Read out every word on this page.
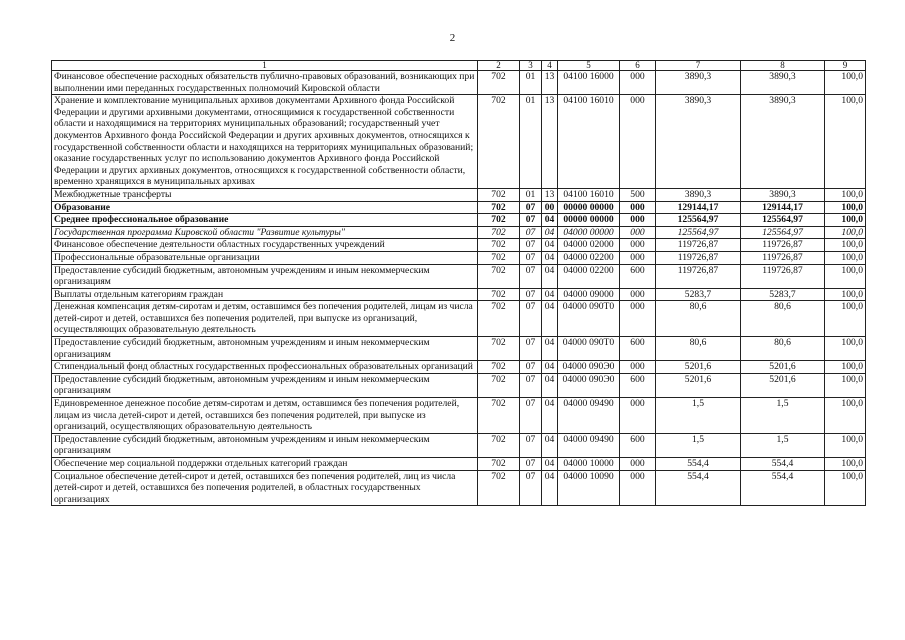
2
1	2	3	4	5	6	7	8	9
Финансовое обеспечение расходных обязательств публично-правовых образований, возникающих при выполнении ими переданных государственных полномочий Кировской области	702	01	13	04100 16000	000	3890,3	3890,3	100,0
Хранение и комплектование муниципальных архивов документами Архивного фонда Российской Федерации и другими архивными документами, относящимися к государственной собственности области и находящимися на территориях муниципальных образований; государственный учет документов Архивного фонда Российской Федерации и других архивных документов, относящихся к государственной собственности области и находящихся на территориях муниципальных образований; оказание государственных услуг по использованию документов Архивного фонда Российской Федерации и других архивных документов, относящихся к государственной собственности области, временно хранящихся в муниципальных архивах	702	01	13	04100 16010	000	3890,3	3890,3	100,0
Межбюджетные трансферты	702	01	13	04100 16010	500	3890,3	3890,3	100,0
Образование	702	07	00	00000 00000	000	129144,17	129144,17	100,0
Среднее профессиональное образование	702	07	04	00000 00000	000	125564,97	125564,97	100,0
Государственная программа Кировской области "Развитие культуры"	702	07	04	04000 00000	000	125564,97	125564,97	100,0
Финансовое обеспечение деятельности областных государственных учреждений	702	07	04	04000 02000	000	119726,87	119726,87	100,0
Профессиональные образовательные организации	702	07	04	04000 02200	000	119726,87	119726,87	100,0
Предоставление субсидий бюджетным, автономным учреждениям и иным некоммерческим организациям	702	07	04	04000 02200	600	119726,87	119726,87	100,0
Выплаты отдельным категориям граждан	702	07	04	04000 09000	000	5283,7	5283,7	100,0
Денежная компенсация детям-сиротам и детям, оставшимся без попечения родителей, лицам из числа детей-сирот и детей, оставшихся без попечения родителей, при выпуске из организаций, осуществляющих образовательную деятельность	702	07	04	04000 090Т0	000	80,6	80,6	100,0
Предоставление субсидий бюджетным, автономным учреждениям и иным некоммерческим организациям	702	07	04	04000 090Т0	600	80,6	80,6	100,0
Стипендиальный фонд областных государственных профессиональных образовательных организаций	702	07	04	04000 090Э0	000	5201,6	5201,6	100,0
Предоставление субсидий бюджетным, автономным учреждениям и иным некоммерческим организациям	702	07	04	04000 090Э0	600	5201,6	5201,6	100,0
Единовременное денежное пособие детям-сиротам и детям, оставшимся без попечения родителей, лицам из числа детей-сирот и детей, оставшихся без попечения родителей, при выпуске из организаций, осуществляющих образовательную деятельность	702	07	04	04000 09490	000	1,5	1,5	100,0
Предоставление субсидий бюджетным, автономным учреждениям и иным некоммерческим организациям	702	07	04	04000 09490	600	1,5	1,5	100,0
Обеспечение мер социальной поддержки отдельных категорий граждан	702	07	04	04000 10000	000	554,4	554,4	100,0
Социальное обеспечение детей-сирот и детей, оставшихся без попечения родителей, лиц из числа детей-сирот и детей, оставшихся без попечения родителей, в областных государственных организациях	702	07	04	04000 10090	000	554,4	554,4	100,0
